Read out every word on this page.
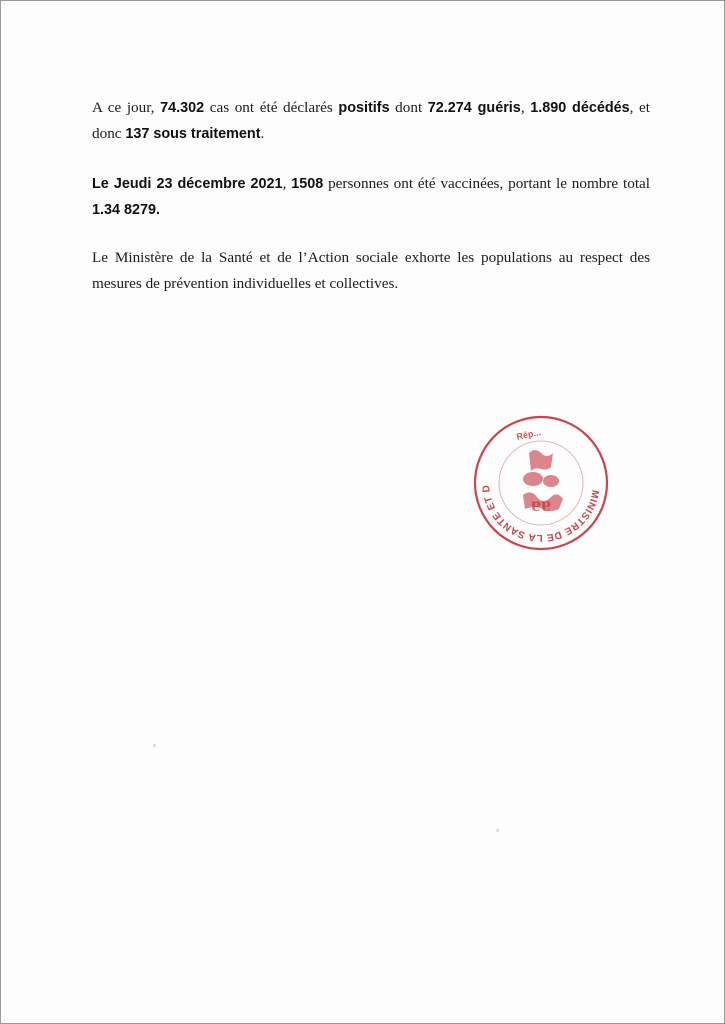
A ce jour, 74.302 cas ont été déclarés positifs dont 72.274 guéris, 1.890 décédés, et donc 137 sous traitement.

Le Jeudi 23 décembre 2021, 1508 personnes ont été vaccinées, portant le nombre total 1.34 8279.

Le Ministère de la Santé et de l’Action sociale exhorte les populations au respect des mesures de prévention individuelles et collectives.

MINISTRE DE LA SANTE ET D
Rép...
ɐɐ
